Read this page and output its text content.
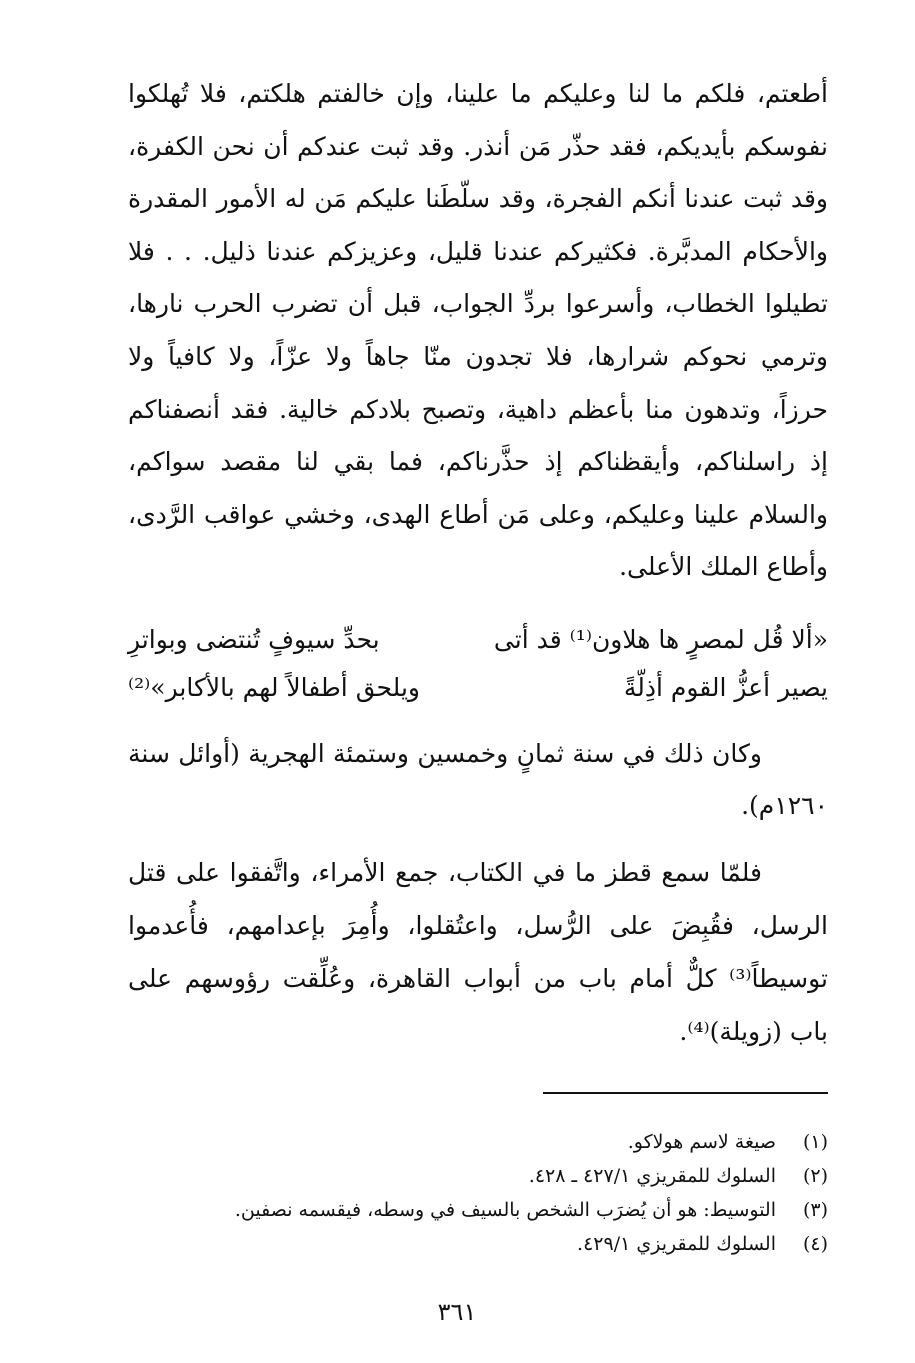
أطعتم، فلكم ما لنا وعليكم ما علينا، وإن خالفتم هلكتم، فلا تُهلكوا نفوسكم بأيديكم، فقد حذّر مَن أنذر. وقد ثبت عندكم أن نحن الكفرة، وقد ثبت عندنا أنكم الفجرة، وقد سلّطَنا عليكم مَن له الأمور المقدرة والأحكام المدبَّرة. فكثيركم عندنا قليل، وعزيزكم عندنا ذليل. . . فلا تطيلوا الخطاب، وأسرعوا بردِّ الجواب، قبل أن تضرب الحرب نارها، وترمي نحوكم شرارها، فلا تجدون منّا جاهاً ولا عزّاً، ولا كافياً ولا حرزاً، وتدهون منا بأعظم داهية، وتصبح بلادكم خالية. فقد أنصفناكم إذ راسلناكم، وأيقظناكم إذ حذَّرناكم، فما بقي لنا مقصد سواكم، والسلام علينا وعليكم، وعلى مَن أطاع الهدى، وخشي عواقب الرَّدى، وأطاع الملك الأعلى.

«ألا قُل لمصرٍ ها هلاون⁽¹⁾ قد أتى
بحدِّ سيوفٍ تُنتضى وبواترِ
يصير أعزُّ القوم أذِلّةً
ويلحق أطفالاً لهم بالأكابر»⁽²⁾

وكان ذلك في سنة ثمانٍ وخمسين وستمئة الهجرية (أوائل سنة ١٢٦٠م).

فلمّا سمع قطز ما في الكتاب، جمع الأمراء، واتَّفقوا على قتل الرسل، فقُبِضَ على الرُّسل، واعتُقلوا، وأُمِرَ بإعدامهم، فأُعدموا توسيطاً⁽³⁾ كلٌّ أمام باب من أبواب القاهرة، وعُلِّقت رؤوسهم على باب (زويلة)⁽⁴⁾.

(١)
صيغة لاسم هولاكو.
(٢)
السلوك للمقريزي ٤٢٧/١ ـ ٤٢٨.
(٣)
التوسيط: هو أن يُضرَب الشخص بالسيف في وسطه، فيقسمه نصفين.
(٤)
السلوك للمقريزي ٤٢٩/١.
٣٦١
